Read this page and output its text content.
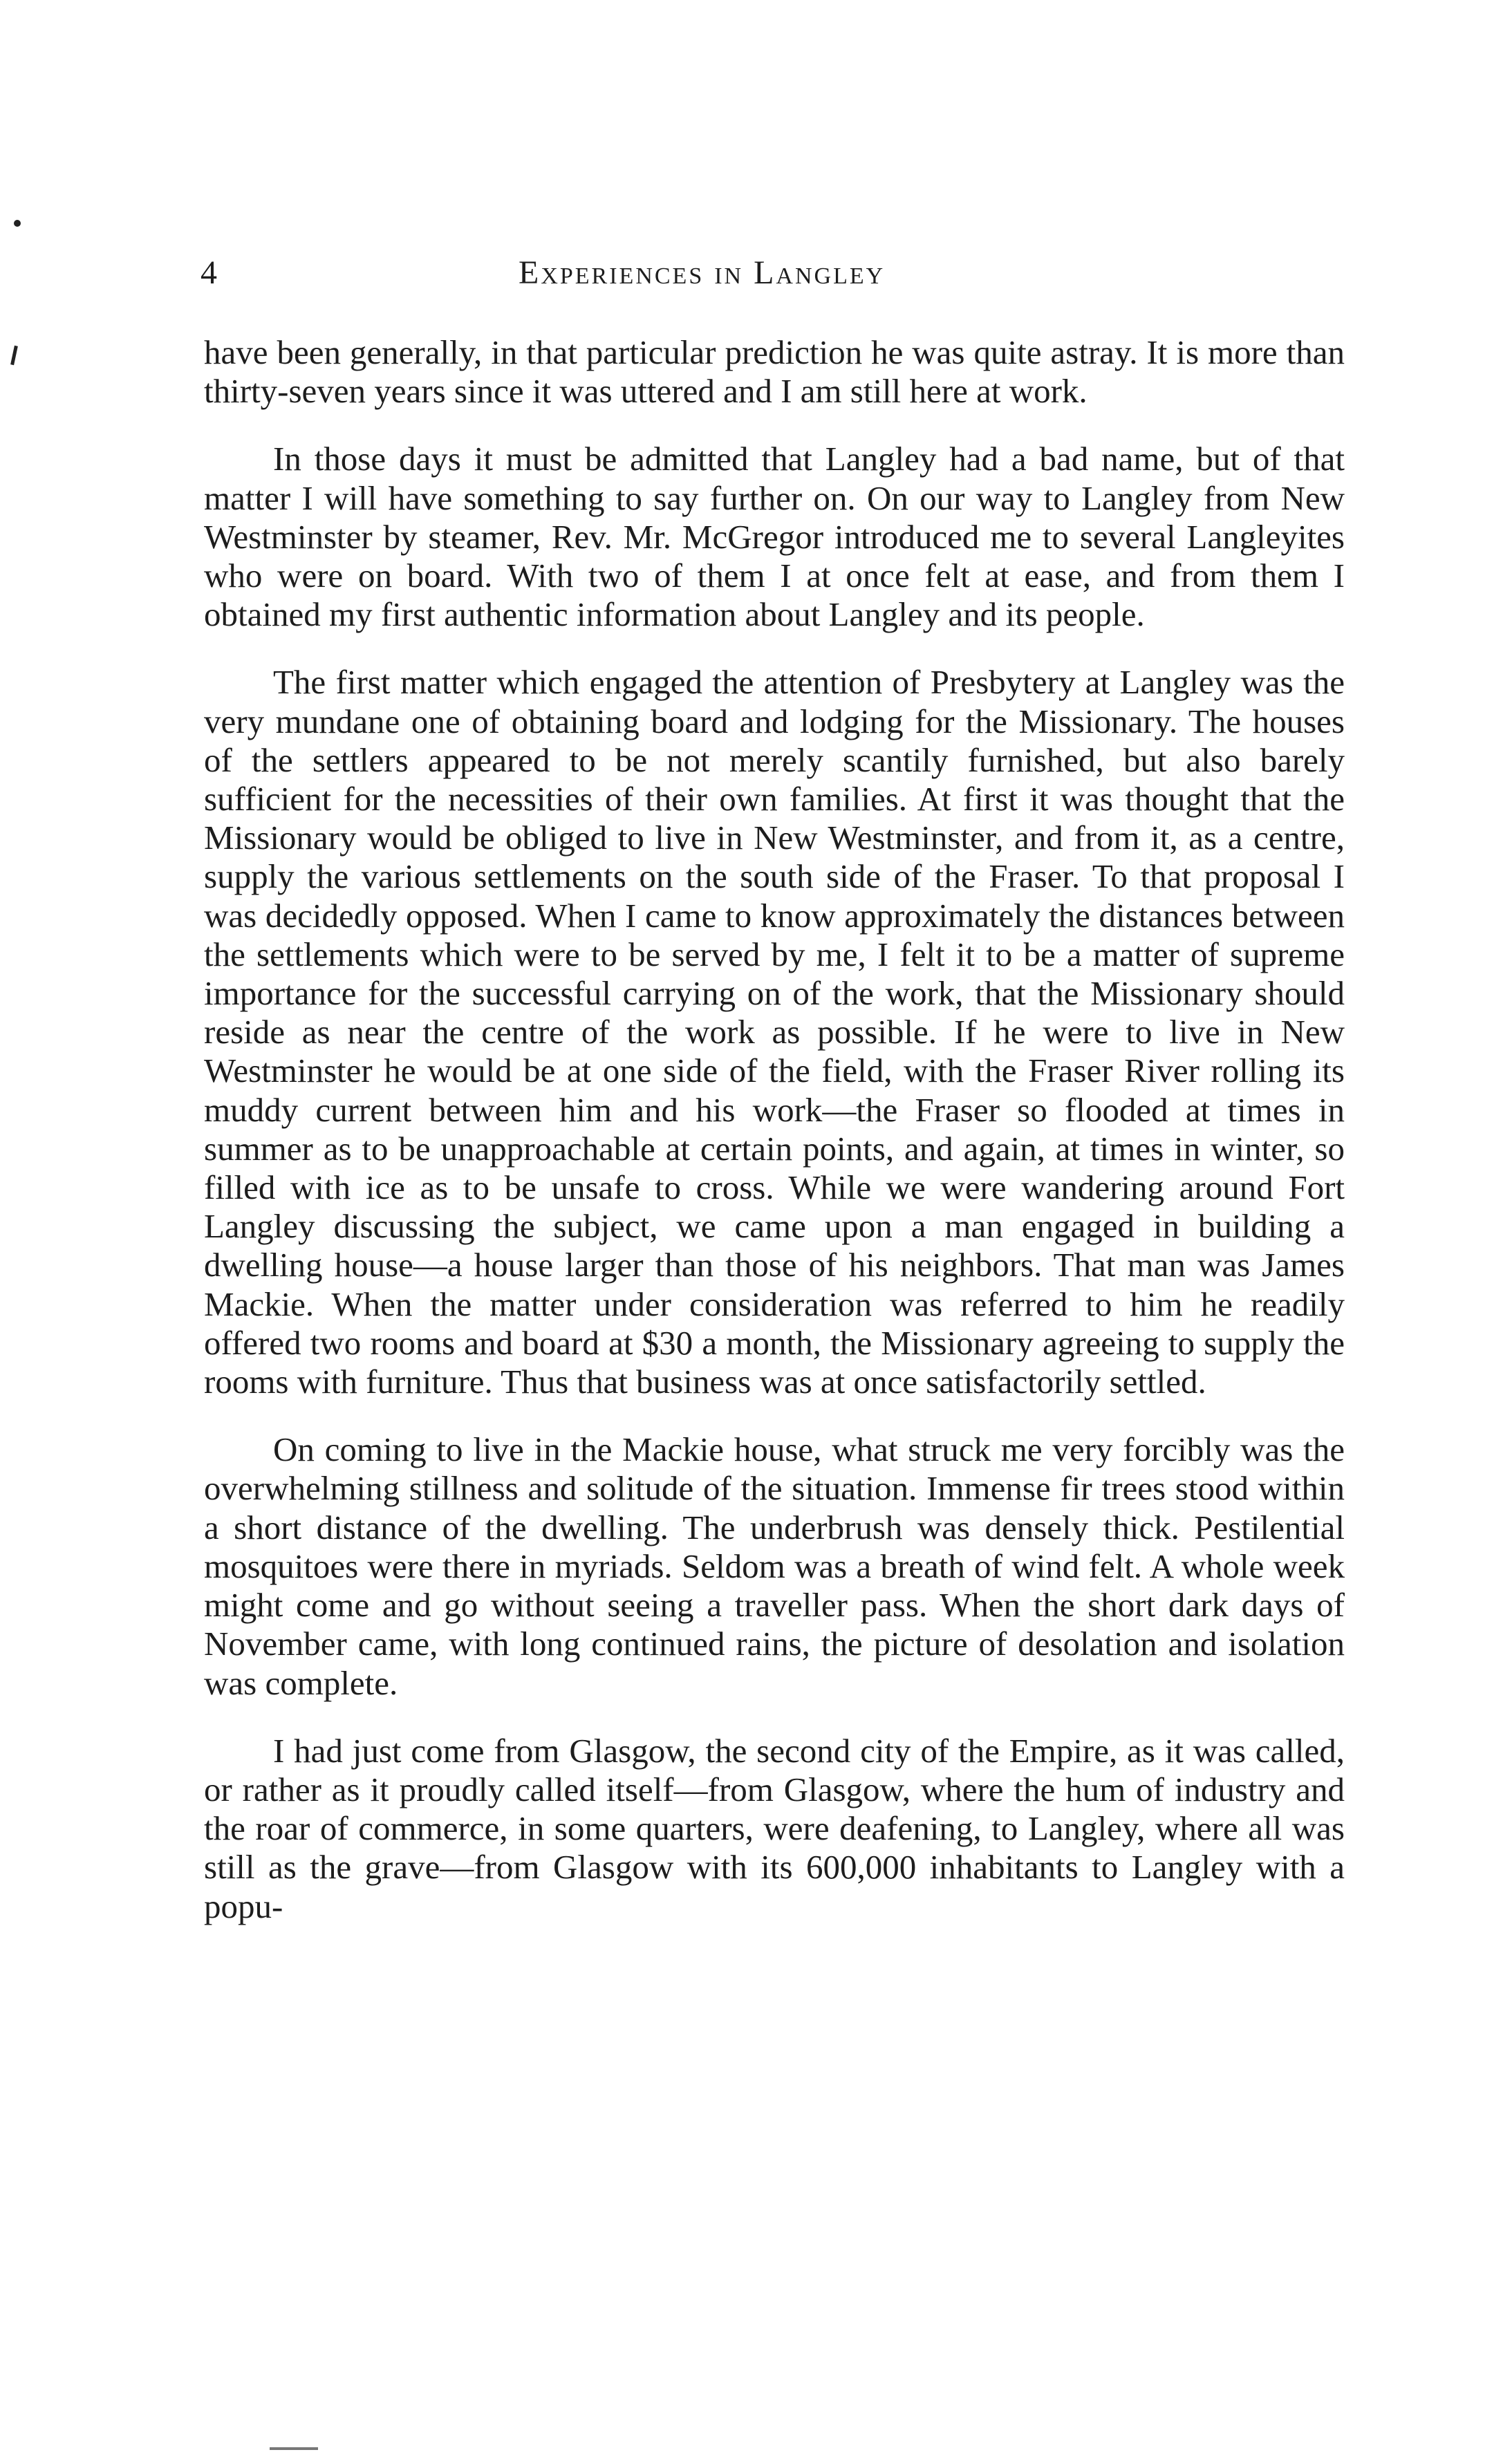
4	Experiences in Langley

have been generally, in that particular prediction he was quite astray. It is more than thirty-seven years since it was uttered and I am still here at work.

In those days it must be admitted that Langley had a bad name, but of that matter I will have something to say further on. On our way to Langley from New Westminster by steamer, Rev. Mr. McGregor introduced me to several Langleyites who were on board. With two of them I at once felt at ease, and from them I obtained my first authentic information about Langley and its people.

The first matter which engaged the attention of Presbytery at Langley was the very mundane one of obtaining board and lodging for the Missionary. The houses of the settlers appeared to be not merely scantily furnished, but also barely sufficient for the necessities of their own families. At first it was thought that the Missionary would be obliged to live in New Westminster, and from it, as a centre, supply the various settlements on the south side of the Fraser. To that proposal I was decidedly opposed. When I came to know approximately the distances between the settlements which were to be served by me, I felt it to be a matter of supreme importance for the successful carrying on of the work, that the Missionary should reside as near the centre of the work as possible. If he were to live in New Westminster he would be at one side of the field, with the Fraser River rolling its muddy current between him and his work—the Fraser so flooded at times in summer as to be unapproachable at certain points, and again, at times in winter, so filled with ice as to be unsafe to cross. While we were wandering around Fort Langley discussing the subject, we came upon a man engaged in building a dwelling house—a house larger than those of his neighbors. That man was James Mackie. When the matter under consideration was referred to him he readily offered two rooms and board at $30 a month, the Missionary agreeing to supply the rooms with furniture. Thus that business was at once satisfactorily settled.

On coming to live in the Mackie house, what struck me very forcibly was the overwhelming stillness and solitude of the situation. Immense fir trees stood within a short distance of the dwelling. The underbrush was densely thick. Pestilential mosquitoes were there in myriads. Seldom was a breath of wind felt. A whole week might come and go without seeing a traveller pass. When the short dark days of November came, with long continued rains, the picture of desolation and isolation was complete.

I had just come from Glasgow, the second city of the Empire, as it was called, or rather as it proudly called itself—from Glasgow, where the hum of industry and the roar of commerce, in some quarters, were deafening, to Langley, where all was still as the grave—from Glasgow with its 600,000 inhabitants to Langley with a popu-
